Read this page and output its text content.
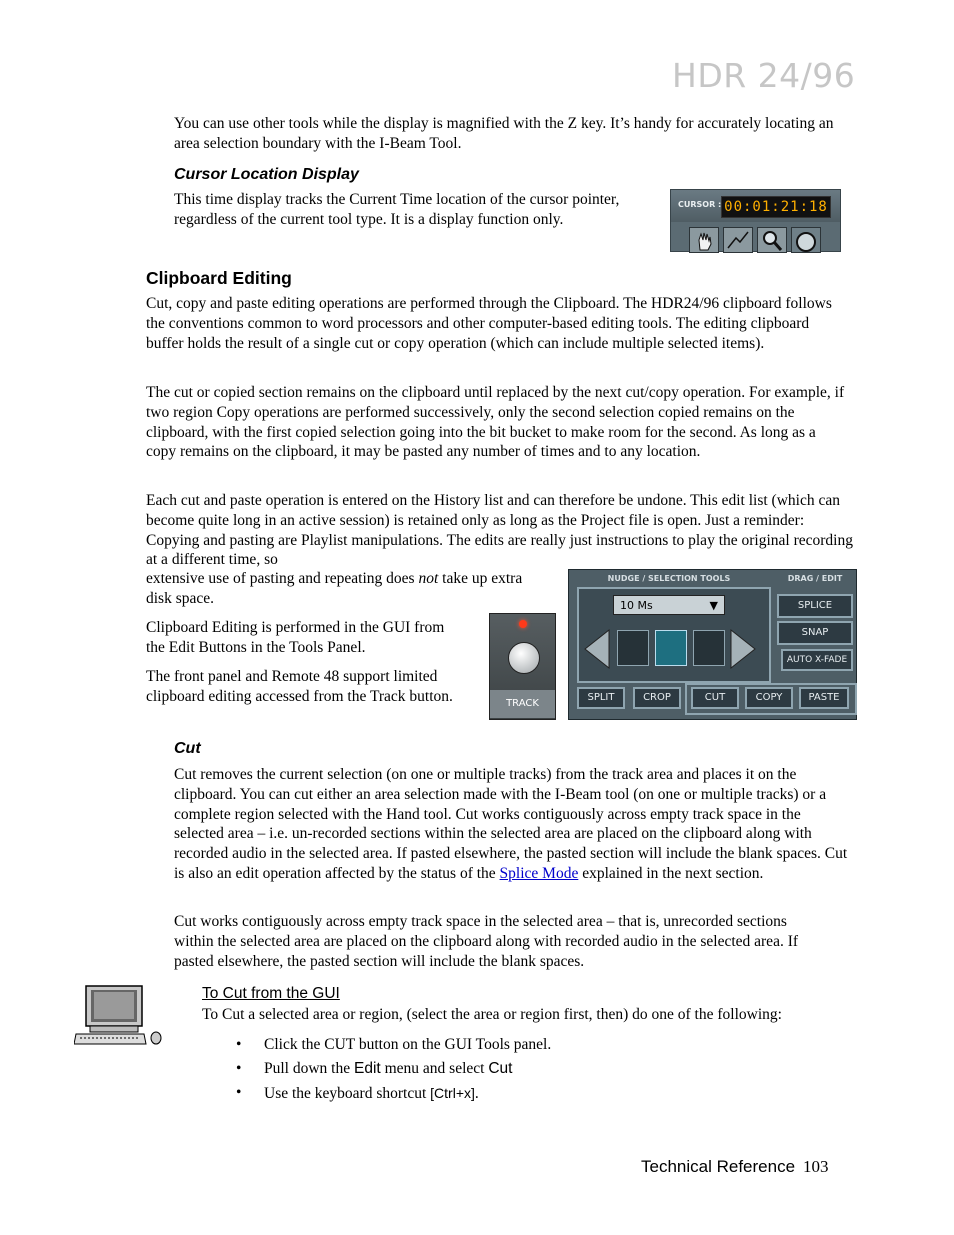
HDR 24/96

You can use other tools while the display is magnified with the Z key. It’s handy for accurately locating an area selection boundary with the I-Beam Tool.

Cursor Location Display

This time display tracks the Current Time location of the cursor pointer, regardless of the current tool type. It is a display function only.

CURSOR : 00:01:21:18
Clipboard Editing

Cut, copy and paste editing operations are performed through the Clipboard. The HDR24/96 clipboard follows the conventions common to word processors and other computer-based editing tools. The editing clipboard buffer holds the result of a single cut or copy operation (which can include multiple selected items).

The cut or copied section remains on the clipboard until replaced by the next cut/copy operation. For example, if two region Copy operations are performed successively, only the second selection copied remains on the clipboard, with the first copied selection going into the bit bucket to make room for the second. As long as a copy remains on the clipboard, it may be pasted any number of times and to any location.

Each cut and paste operation is entered on the History list and can therefore be undone. This edit list (which can become quite long in an active session) is retained only as long as the Project file is open. Just a reminder: Copying and pasting are Playlist manipulations. The edits are really just instructions to play the original recording at a different time, so

extensive use of pasting and repeating does not take up extra disk space.

Clipboard Editing is performed in the GUI from the Edit Buttons in the Tools Panel.

The front panel and Remote 48 support limited clipboard editing accessed from the Track button.	TRACK
NUDGE / SELECTION TOOLS	DRAG / EDIT
10 Ms	▼	SPLICE
SNAP
AUTO X-FADE
SPLIT	CROP	CUT	COPY	PASTE
Cut

Cut removes the current selection (on one or multiple tracks) from the track area and places it on the clipboard. You can cut either an area selection made with the I-Beam tool (on one or multiple tracks) or a complete region selected with the Hand tool. Cut works contiguously across empty track space in the selected area – i.e. un-recorded sections within the selected area are placed on the clipboard along with recorded audio in the selected area. If pasted elsewhere, the pasted section will include the blank spaces. Cut is also an edit operation affected by the status of the Splice Mode explained in the next section.

Cut works contiguously across empty track space in the selected area – that is, unrecorded sections within the selected area are placed on the clipboard along with recorded audio in the selected area. If pasted elsewhere, the pasted section will include the blank spaces.

To Cut from the GUI

To Cut a selected area or region, (select the area or region first, then) do one of the following:

• Click the CUT button on the GUI Tools panel.
• Pull down the Edit menu and select Cut
• Use the keyboard shortcut [Ctrl+x].
Technical Reference 103
